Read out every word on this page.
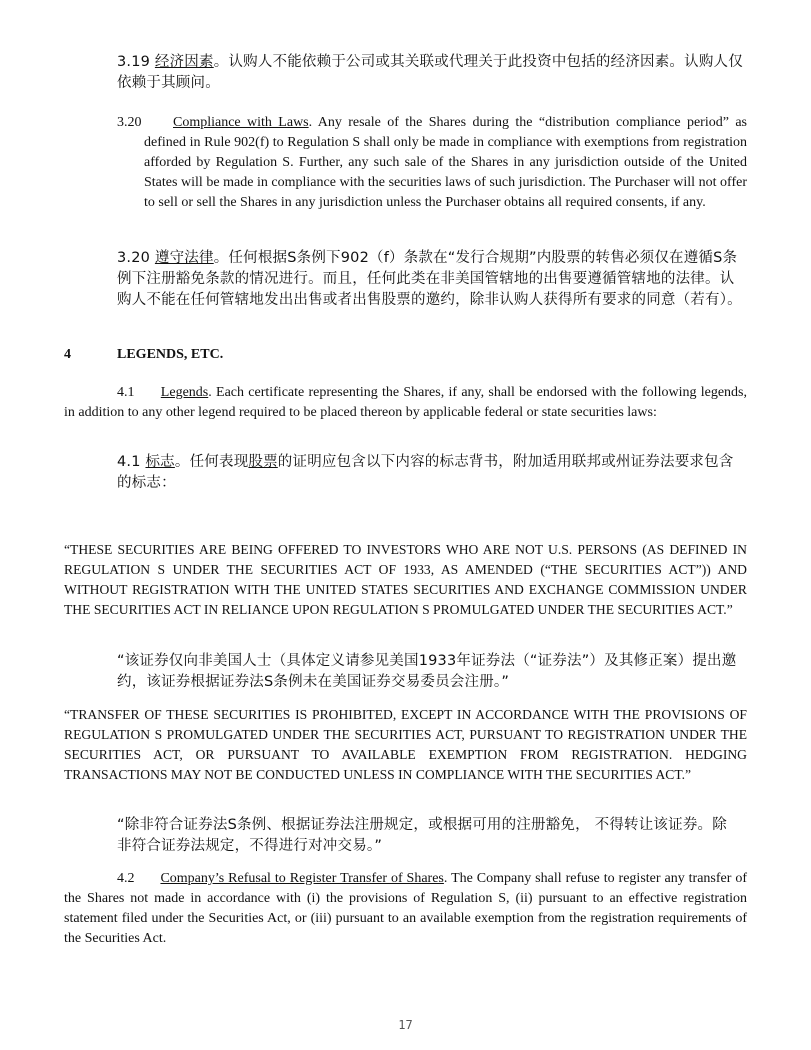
3.19 经济因素。认购人不能依赖于公司或其关联或代理关于此投资中包括的经济因素。认购人仅依赖于其顾问。
3.20	Compliance with Laws. Any resale of the Shares during the “distribution compliance period” as defined in Rule 902(f) to Regulation S shall only be made in compliance with exemptions from registration afforded by Regulation S. Further, any such sale of the Shares in any jurisdiction outside of the United States will be made in compliance with the securities laws of such jurisdiction. The Purchaser will not offer to sell or sell the Shares in any jurisdiction unless the Purchaser obtains all required consents, if any.
3.20 遵守法律。任何根据S条例下902（f）条款在“发行合规期”内股票的转售必须仅在遵循S条例下注册豁免条款的情况进行。而且，任何此类在非美国管辖地的出售要遵循管辖地的法律。认购人不能在任何管辖地发出出售或者出售股票的邀约，除非认购人获得所有要求的同意（若有）。
4	LEGENDS, ETC.
4.1 Legends. Each certificate representing the Shares, if any, shall be endorsed with the following legends, in addition to any other legend required to be placed thereon by applicable federal or state securities laws:
4.1 标志。任何表现股票的证明应包含以下内容的标志背书，附加适用联邦或州证券法要求包含的标志：
“THESE SECURITIES ARE BEING OFFERED TO INVESTORS WHO ARE NOT U.S. PERSONS (AS DEFINED IN REGULATION S UNDER THE SECURITIES ACT OF 1933, AS AMENDED (“THE SECURITIES ACT”)) AND WITHOUT REGISTRATION WITH THE UNITED STATES SECURITIES AND EXCHANGE COMMISSION UNDER THE SECURITIES ACT IN RELIANCE UPON REGULATION S PROMULGATED UNDER THE SECURITIES ACT.”
“该证券仅向非美国人士（具体定义请参见美国1933年证券法（“证券法”）及其修正案）提出邀约，该证券根据证券法S条例未在美国证券交易委员会注册。”
“TRANSFER OF THESE SECURITIES IS PROHIBITED, EXCEPT IN ACCORDANCE WITH THE PROVISIONS OF REGULATION S PROMULGATED UNDER THE SECURITIES ACT, PURSUANT TO REGISTRATION UNDER THE SECURITIES ACT, OR PURSUANT TO AVAILABLE EXEMPTION FROM REGISTRATION. HEDGING TRANSACTIONS MAY NOT BE CONDUCTED UNLESS IN COMPLIANCE WITH THE SECURITIES ACT.”
“除非符合证券法S条例、根据证券法注册规定，或根据可用的注册豁免， 不得转让该证券。除非符合证券法规定，不得进行对冲交易。”
4.2 Company’s Refusal to Register Transfer of Shares. The Company shall refuse to register any transfer of the Shares not made in accordance with (i) the provisions of Regulation S, (ii) pursuant to an effective registration statement filed under the Securities Act, or (iii) pursuant to an available exemption from the registration requirements of the Securities Act.
17
